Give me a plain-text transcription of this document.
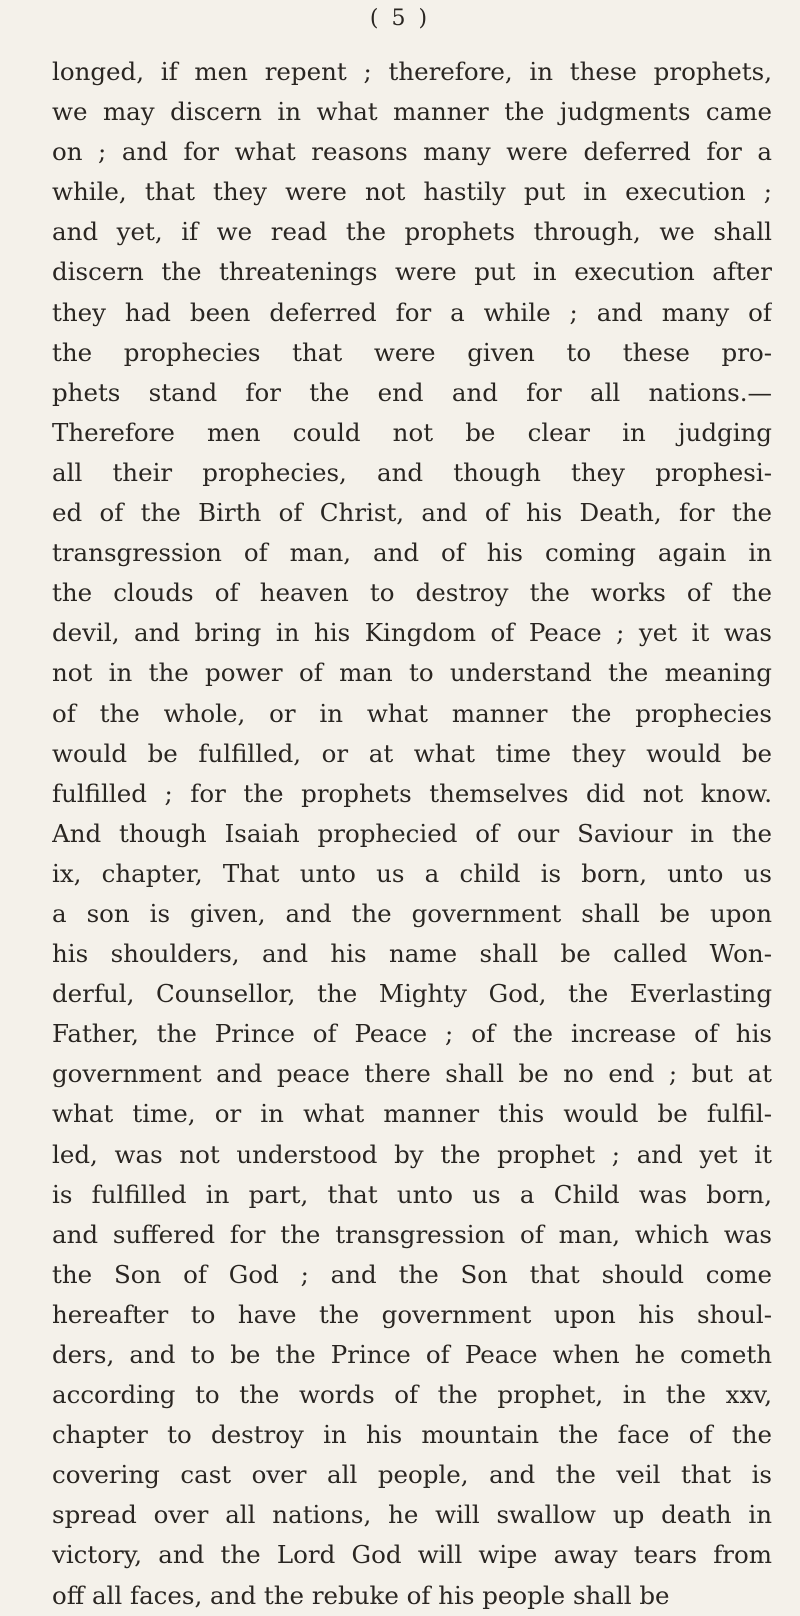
( 5 )
longed, if men repent ; therefore, in these prophets,
we may discern in what manner the judgments came
on ; and for what reasons many were deferred for a
while, that they were not hastily put in execution ;
and yet, if we read the prophets through, we shall
discern the threatenings were put in execution after
they had been deferred for a while ; and many of
the prophecies that were given to these pro-
phets stand for the end and for all nations.—
Therefore men could not be clear in judging
all their prophecies, and though they prophesi-
ed of the Birth of Christ, and of his Death, for the
transgression of man, and of his coming again in
the clouds of heaven to destroy the works of the
devil, and bring in his Kingdom of Peace ; yet it was
not in the power of man to understand the meaning
of the whole, or in what manner the prophecies
would be fulfilled, or at what time they would be
fulfilled ; for the prophets themselves did not know.
And though Isaiah prophecied of our Saviour in the
ix, chapter, That unto us a child is born, unto us
a son is given, and the government shall be upon
his shoulders, and his name shall be called Won-
derful, Counsellor, the Mighty God, the Everlasting
Father, the Prince of Peace ; of the increase of his
government and peace there shall be no end ; but at
what time, or in what manner this would be fulfil-
led, was not understood by the prophet ; and yet it
is fulfilled in part, that unto us a Child was born,
and suffered for the transgression of man, which was
the Son of God ; and the Son that should come
hereafter to have the government upon his shoul-
ders, and to be the Prince of Peace when he cometh
according to the words of the prophet, in the xxv,
chapter to destroy in his mountain the face of the
covering cast over all people, and the veil that is
spread over all nations, he will swallow up death in
victory, and the Lord God will wipe away tears from
off all faces, and the rebuke of his people shall be
